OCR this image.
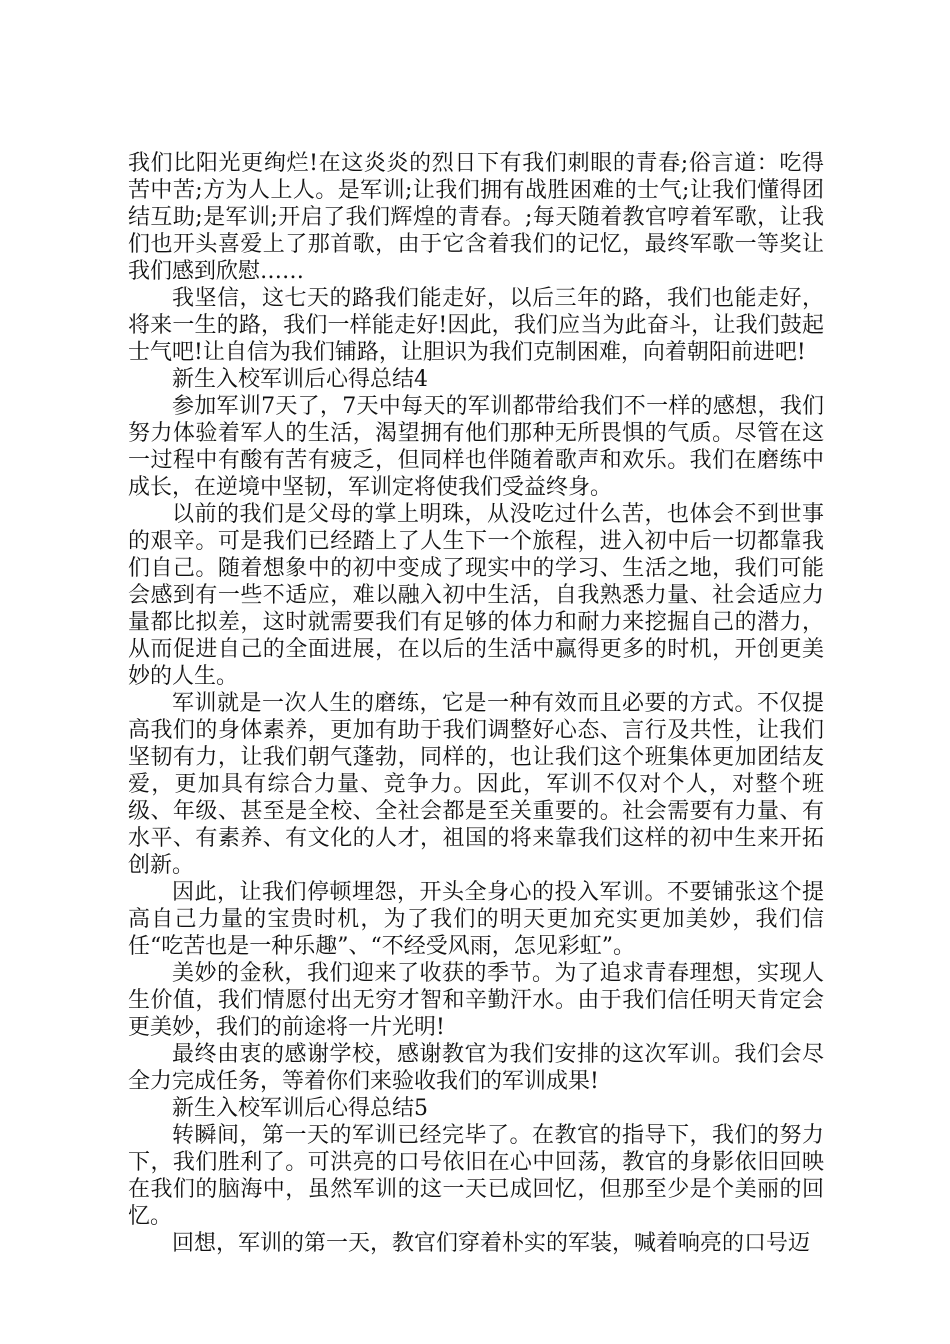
我们比阳光更绚烂!在这炎炎的烈日下有我们刺眼的青春;俗言道：吃得苦中苦;方为人上人。是军训;让我们拥有战胜困难的士气;让我们懂得团结互助;是军训;开启了我们辉煌的青春。;每天随着教官哼着军歌，让我们也开头喜爱上了那首歌，由于它含着我们的记忆，最终军歌一等奖让我们感到欣慰……

我坚信，这七天的路我们能走好，以后三年的路，我们也能走好，将来一生的路，我们一样能走好!因此，我们应当为此奋斗，让我们鼓起士气吧!让自信为我们铺路，让胆识为我们克制困难，向着朝阳前进吧!

新生入校军训后心得总结4

参加军训7天了，7天中每天的军训都带给我们不一样的感想，我们努力体验着军人的生活，渴望拥有他们那种无所畏惧的气质。尽管在这一过程中有酸有苦有疲乏，但同样也伴随着歌声和欢乐。我们在磨练中成长，在逆境中坚韧，军训定将使我们受益终身。

以前的我们是父母的掌上明珠，从没吃过什么苦，也体会不到世事的艰辛。可是我们已经踏上了人生下一个旅程，进入初中后一切都靠我们自己。随着想象中的初中变成了现实中的学习、生活之地，我们可能会感到有一些不适应，难以融入初中生活，自我熟悉力量、社会适应力量都比拟差，这时就需要我们有足够的体力和耐力来挖掘自己的潜力，从而促进自己的全面进展，在以后的生活中赢得更多的时机，开创更美妙的人生。

军训就是一次人生的磨练，它是一种有效而且必要的方式。不仅提高我们的身体素养，更加有助于我们调整好心态、言行及共性，让我们坚韧有力，让我们朝气蓬勃，同样的，也让我们这个班集体更加团结友爱，更加具有综合力量、竞争力。因此，军训不仅对个人，对整个班级、年级、甚至是全校、全社会都是至关重要的。社会需要有力量、有水平、有素养、有文化的人才，祖国的将来靠我们这样的初中生来开拓创新。

因此，让我们停顿埋怨，开头全身心的投入军训。不要铺张这个提高自己力量的宝贵时机，为了我们的明天更加充实更加美妙，我们信任“吃苦也是一种乐趣”、“不经受风雨，怎见彩虹”。

美妙的金秋，我们迎来了收获的季节。为了追求青春理想，实现人生价值，我们情愿付出无穷才智和辛勤汗水。由于我们信任明天肯定会更美妙，我们的前途将一片光明!

最终由衷的感谢学校，感谢教官为我们安排的这次军训。我们会尽全力完成任务，等着你们来验收我们的军训成果!

新生入校军训后心得总结5

转瞬间，第一天的军训已经完毕了。在教官的指导下，我们的努力下，我们胜利了。可洪亮的口号依旧在心中回荡，教官的身影依旧回映在我们的脑海中，虽然军训的这一天已成回忆，但那至少是个美丽的回忆。

回想，军训的第一天，教官们穿着朴实的军装，喊着响亮的口号迈
